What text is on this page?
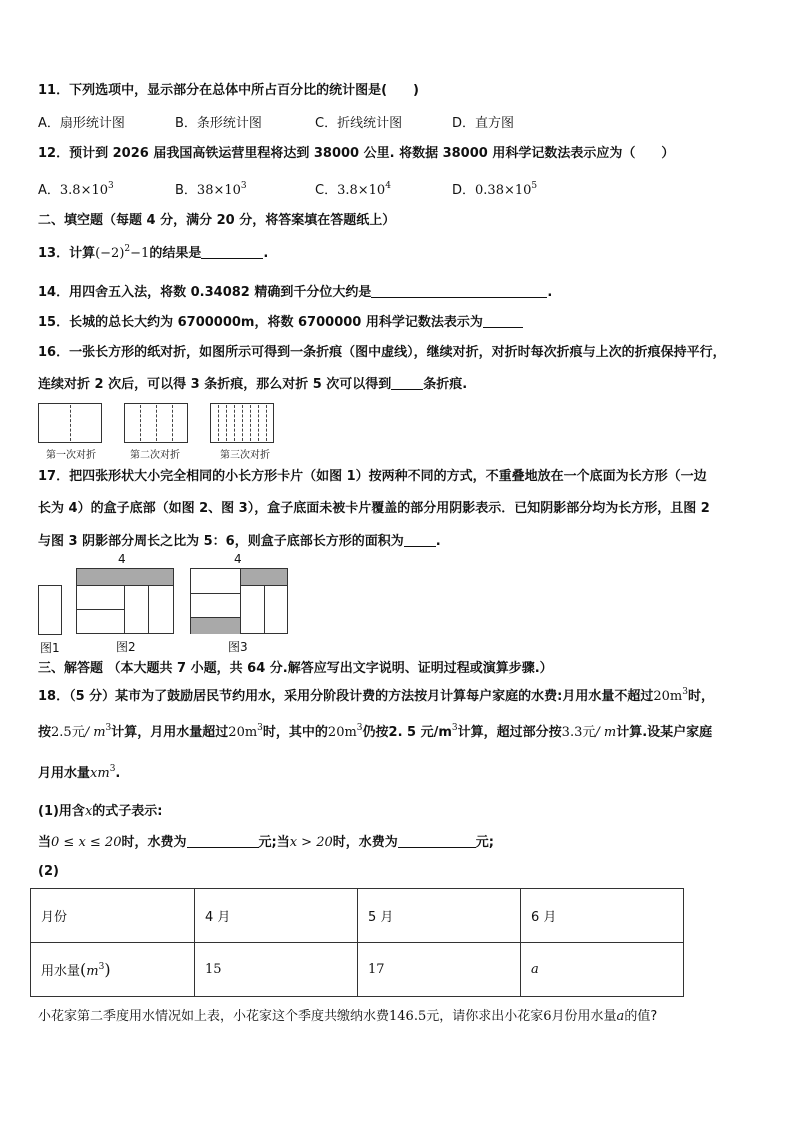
11．下列选项中，显示部分在总体中所占百分比的统计图是(　　)
A．扇形统计图	B．条形统计图	C．折线统计图	D．直方图
12．预计到 2026 届我国高铁运营里程将达到 38000 公里. 将数据 38000 用科学记数法表示应为（　　）
A．$3.8\times 10^3$	B．$38\times 10^3$	C．$3.8\times 10^4$	D．$0.38\times 10^5$
二、填空题（每题 4 分，满分 20 分，将答案填在答题纸上）
13．计算$(-2)^2-1$的结果是	.
14．用四舍五入法，将数 0.34082 精确到千分位大约是	.
15．长城的总长大约为 6700000m，将数 6700000 用科学记数法表示为
16．一张长方形的纸对折，如图所示可得到一条折痕（图中虚线），继续对折，对折时每次折痕与上次的折痕保持平行，
连续对折 2 次后，可以得 3 条折痕，那么对折 5 次可以得到 条折痕.
第一次对折	第二次对折	第三次对折
17．把四张形状大小完全相同的小长方形卡片（如图 1）按两种不同的方式，不重叠地放在一个底面为长方形（一边
长为 4）的盒子底部（如图 2、图 3），盒子底面未被卡片覆盖的部分用阴影表示．已知阴影部分均为长方形，且图 2
与图 3 阴影部分周长之比为 5：6，则盒子底部长方形的面积为 .
图1
4
图2
4
图3
三、解答题 （本大题共 7 小题，共 64 分.解答应写出文字说明、证明过程或演算步骤.）
18．（5 分）某市为了鼓励居民节约用水，采用分阶段计费的方法按月计算每户家庭的水费:月用水量不超过$20m^3$时，
按2.5元/ $m^3$计算，月用水量超过$20m^3$时，其中的$20m^3$仍按2. 5 元$/m^3$计算，超过部分按3.3元/ m计算.设某户家庭
月用水量$xm^3$.
(1)用含x的式子表示:
当0 ≤ x ≤ 20时，水费为	元;当x > 20时，水费为	元;
(2)
月份	4 月	5 月	6 月
用水量$(m^3)$	15	17	a
小花家第二季度用水情况如上表，小花家这个季度共缴纳水费146.5元，请你求出小花家6月份用水量a的值?
